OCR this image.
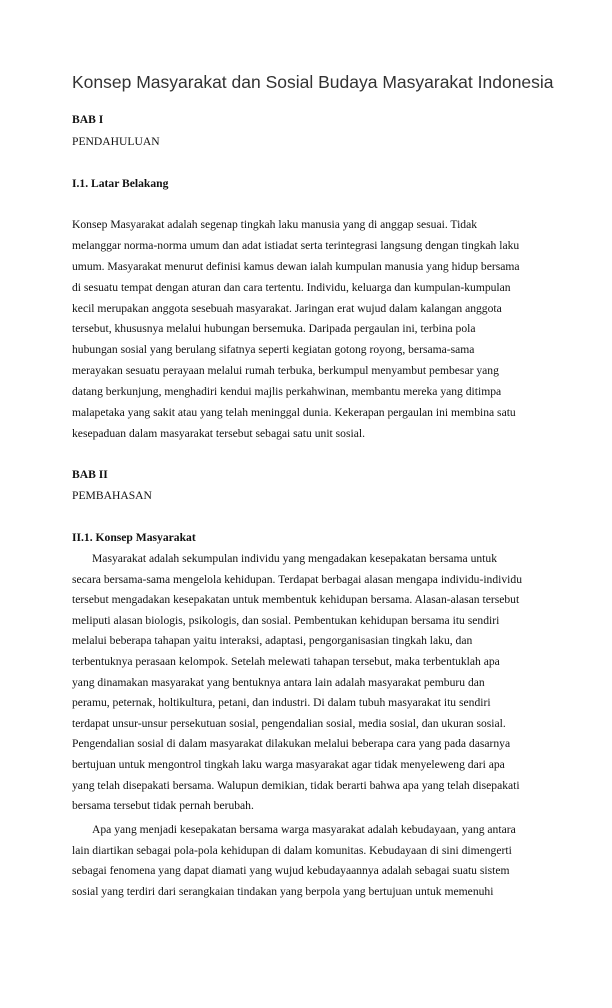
Konsep Masyarakat dan Sosial Budaya Masyarakat Indonesia

BAB I

PENDAHULUAN

I.1. Latar Belakang

Konsep Masyarakat adalah segenap tingkah laku manusia yang di anggap sesuai. Tidak
melanggar norma-norma umum dan adat istiadat serta terintegrasi langsung dengan tingkah laku
umum. Masyarakat menurut definisi kamus dewan ialah kumpulan manusia yang hidup bersama
di sesuatu tempat dengan aturan dan cara tertentu. Individu, keluarga dan kumpulan-kumpulan
kecil merupakan anggota sesebuah masyarakat. Jaringan erat wujud dalam kalangan anggota
tersebut, khususnya melalui hubungan bersemuka. Daripada pergaulan ini, terbina pola
hubungan sosial yang berulang sifatnya seperti kegiatan gotong royong, bersama-sama
merayakan sesuatu perayaan melalui rumah terbuka, berkumpul menyambut pembesar yang
datang berkunjung, menghadiri kendui majlis perkahwinan, membantu mereka yang ditimpa
malapetaka yang sakit atau yang telah meninggal dunia. Kekerapan pergaulan ini membina satu
kesepaduan dalam masyarakat tersebut sebagai satu unit sosial.

BAB II

PEMBAHASAN

II.1. Konsep Masyarakat

Masyarakat adalah sekumpulan individu yang mengadakan kesepakatan bersama untuk
secara bersama-sama mengelola kehidupan. Terdapat berbagai alasan mengapa individu-individu
tersebut mengadakan kesepakatan untuk membentuk kehidupan bersama. Alasan-alasan tersebut
meliputi alasan biologis, psikologis, dan sosial. Pembentukan kehidupan bersama itu sendiri
melalui beberapa tahapan yaitu interaksi, adaptasi, pengorganisasian tingkah laku, dan
terbentuknya perasaan kelompok. Setelah melewati tahapan tersebut, maka terbentuklah apa
yang dinamakan masyarakat yang bentuknya antara lain adalah masyarakat pemburu dan
peramu, peternak, holtikultura, petani, dan industri. Di dalam tubuh masyarakat itu sendiri
terdapat unsur-unsur persekutuan sosial, pengendalian sosial, media sosial, dan ukuran sosial.
Pengendalian sosial di dalam masyarakat dilakukan melalui beberapa cara yang pada dasarnya
bertujuan untuk mengontrol tingkah laku warga masyarakat agar tidak menyeleweng dari apa
yang telah disepakati bersama. Walupun demikian, tidak berarti bahwa apa yang telah disepakati
bersama tersebut tidak pernah berubah.
Apa yang menjadi kesepakatan bersama warga masyarakat adalah kebudayaan, yang antara
lain diartikan sebagai pola-pola kehidupan di dalam komunitas. Kebudayaan di sini dimengerti
sebagai fenomena yang dapat diamati yang wujud kebudayaannya adalah sebagai suatu sistem
sosial yang terdiri dari serangkaian tindakan yang berpola yang bertujuan untuk memenuhi
